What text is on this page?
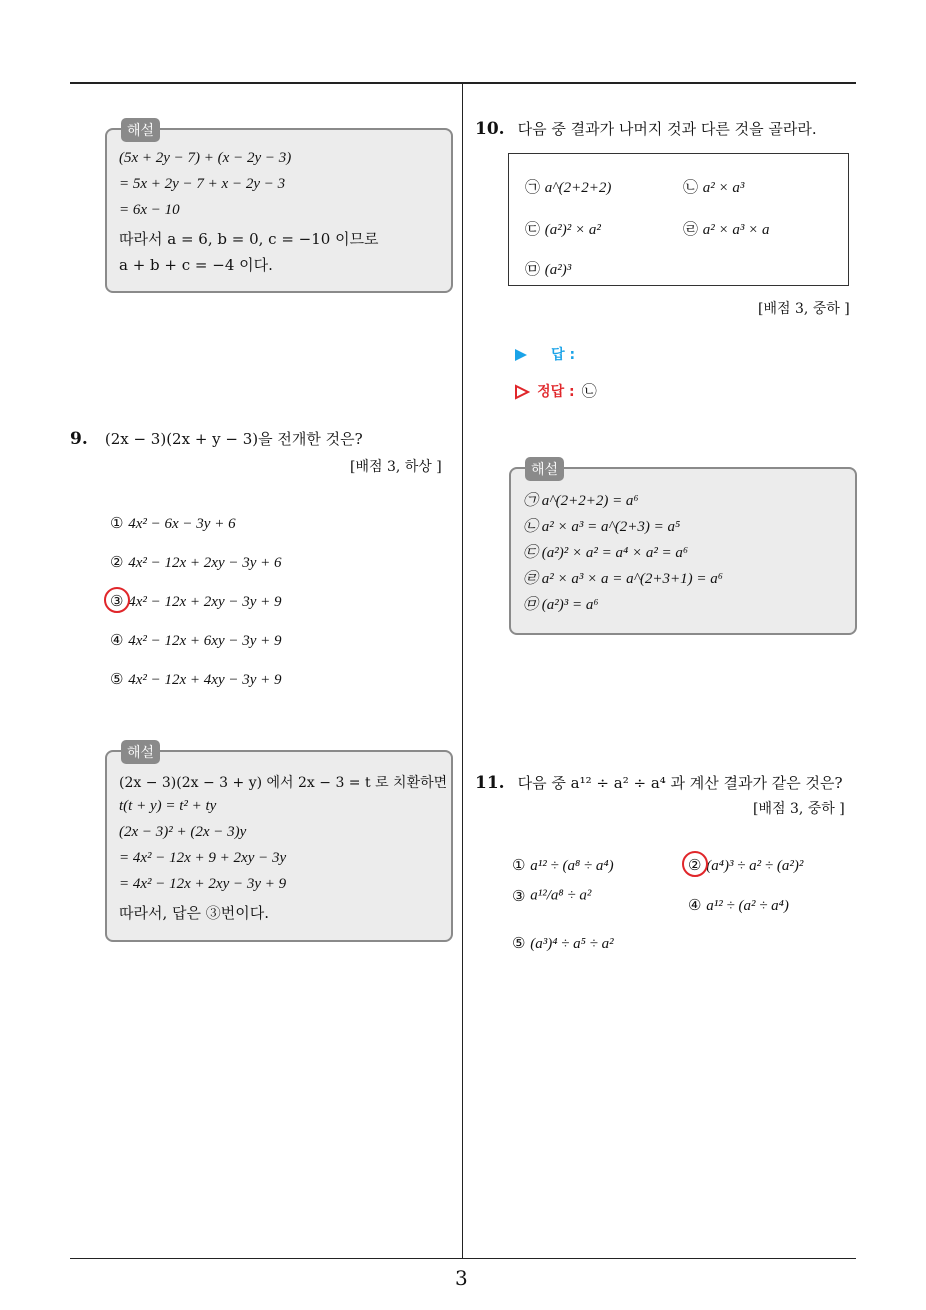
해설
(5x + 2y − 7) + (x − 2y − 3)
= 5x + 2y − 7 + x − 2y − 3
= 6x − 10
따라서 a = 6, b = 0, c = −10 이므로
a + b + c = −4 이다.
9. (2x − 3)(2x + y − 3)을 전개한 것은?
[배점 3, 하상 ]
① 4x² − 6x − 3y + 6
② 4x² − 12x + 2xy − 3y + 6
③ 4x² − 12x + 2xy − 3y + 9
④ 4x² − 12x + 6xy − 3y + 9
⑤ 4x² − 12x + 4xy − 3y + 9
해설
(2x − 3)(2x − 3 + y) 에서 2x − 3 = t 로 치환하면
t(t + y) = t² + ty
(2x − 3)² + (2x − 3)y
= 4x² − 12x + 9 + 2xy − 3y
= 4x² − 12x + 2xy − 3y + 9
따라서, 답은 ③번이다.
10. 다음 중 결과가 나머지 것과 다른 것을 골라라.
㉠ a^(2+2+2)	㉡ a² × a³
㉢ (a²)² × a²	㉣ a² × a³ × a
㉤ (a²)³
[배점 3, 중하 ]
답 :
정답 : ㉡
해설
㉠ a^(2+2+2) = a⁶
㉡ a² × a³ = a^(2+3) = a⁵
㉢ (a²)² × a² = a⁴ × a² = a⁶
㉣ a² × a³ × a = a^(2+3+1) = a⁶
㉤ (a²)³ = a⁶
11. 다음 중 a¹² ÷ a² ÷ a⁴ 과 계산 결과가 같은 것은?
[배점 3, 중하 ]
① a¹² ÷ (a⁸ ÷ a⁴)	② (a⁴)³ ÷ a² ÷ (a²)²
③ a¹²/a⁸ ÷ a²
④ a¹² ÷ (a² ÷ a⁴)
⑤ (a³)⁴ ÷ a⁵ ÷ a²
3
